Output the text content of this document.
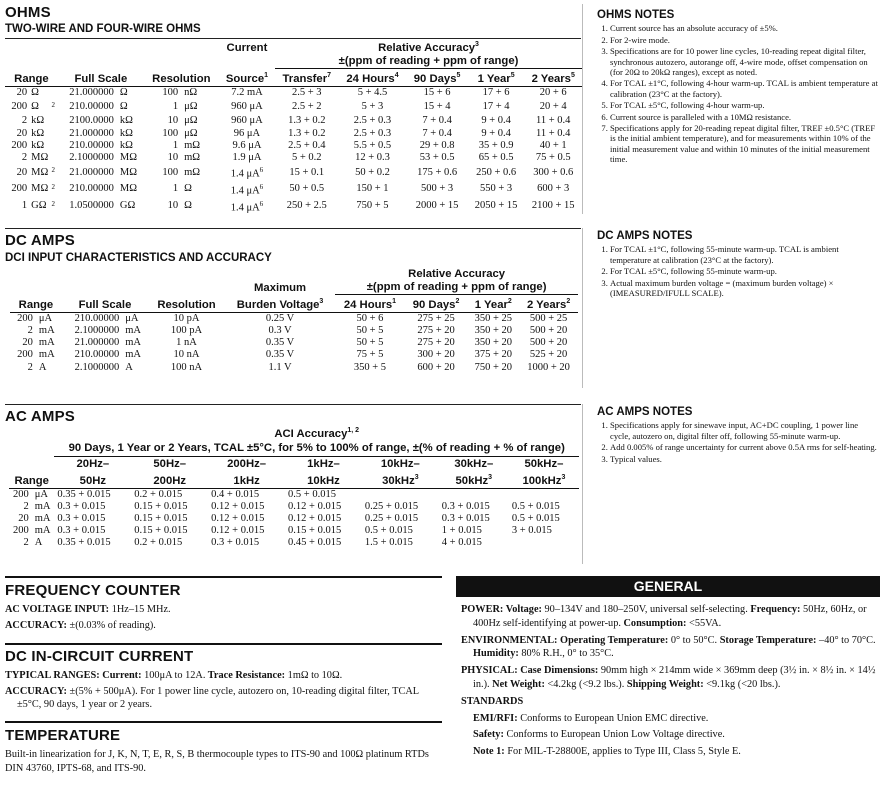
OHMS
TWO-WIRE AND FOUR-WIRE OHMS
							Current	Relative Accuracy$^3$
								±(ppm of reading + ppm of range)				
Range			Full Scale		Resolution		Source$^1$	Transfer$^7$	24 Hours$^4$	90 Days$^5$	1 Year$^5$	2 Years$^5$
20	Ω		21.000000	Ω	100	nΩ	7.2 mA	2.5 + 3	5 + 4.5	15 + 6	17 + 6	20 + 6
200	Ω	$^2$	210.00000	Ω	1	μΩ	960 μA	2.5 + 2	5 + 3	15 + 4	17 + 4	20 + 4
2	kΩ		2100.0000	kΩ	10	μΩ	960 μA	1.3 + 0.2	2.5 + 0.3	7 + 0.4	9 + 0.4	11 + 0.4
20	kΩ		21.000000	kΩ	100	μΩ	96 μA	1.3 + 0.2	2.5 + 0.3	7 + 0.4	9 + 0.4	11 + 0.4
200	kΩ		210.00000	kΩ	1	mΩ	9.6 μA	2.5 + 0.4	5.5 + 0.5	29 + 0.8	35 + 0.9	40 + 1
2	MΩ		2.1000000	MΩ	10	mΩ	1.9 μA	5 + 0.2	12 + 0.3	53 + 0.5	65 + 0.5	75 + 0.5
20	MΩ	$^2$	21.000000	MΩ	100	mΩ	1.4 $\mu A^6$	15 + 0.1	50 + 0.2	175 + 0.6	250 + 0.6	300 + 0.6
200	MΩ	$^2$	210.00000	MΩ	1	Ω	1.4 $\mu A^6$	50 + 0.5	150 + 1	500 + 3	550 + 3	600 + 3
1	GΩ	$^2$	1.0500000	GΩ	10	Ω	1.4 $\mu A^6$	250 + 2.5	750 + 5	2000 + 15	2050 + 15	2100 + 15
OHMS NOTES
1. Current source has an absolute accuracy of ±5%.
2. For 2-wire mode.
3. Specifications are for 10 power line cycles, 10-reading repeat digital filter, synchronous autozero, autorange off, 4-wire mode, offset compensation on (for 20Ω to 20kΩ ranges), except as noted.
4. For TCAL ±1°C, following 4-hour warm-up. TCAL is ambient temperature at calibration (23°C at the factory).
5. For TCAL ±5°C, following 4-hour warm-up.
6. Current source is paralleled with a 10MΩ resistance.
7. Specifications apply for 20-reading repeat digital filter, TREF ±0.5°C (TREF is the initial ambient temperature), and for measurements within 10% of the initial measurement value and within 10 minutes of the initial measurement time.
DC AMPS
DCI INPUT CHARACTERISTICS AND ACCURACY
						Relative Accuracy			
					Maximum	±(ppm of reading + ppm of range)			
Range		Full Scale		Resolution	Burden Voltage$^3$	24 Hours$^1$	90 Days$^2$	1 Year$^2$	2 Years$^2$
200	μA	210.00000	μA	10 pA	0.25 V	50 + 6	275 + 25	350 + 25	500 + 25
2	mA	2.1000000	mA	100 pA	0.3 V	50 + 5	275 + 20	350 + 20	500 + 20
20	mA	21.000000	mA	1 nA	0.35 V	50 + 5	275 + 20	350 + 20	500 + 20
200	mA	210.00000	mA	10 nA	0.35 V	75 + 5	300 + 20	375 + 20	525 + 20
2	A	2.1000000	A	100 nA	1.1 V	350 + 5	600 + 20	750 + 20	1000 + 20
DC AMPS NOTES
1. For TCAL ±1°C, following 55-minute warm-up. TCAL is ambient temperature at calibration (23°C at the factory).
2. For TCAL ±5°C, following 55-minute warm-up.
3. Actual maximum burden voltage = (maximum burden voltage) × (IMEASURED/IFULL SCALE).
AC AMPS
		ACI Accuracy$^{1, 2}$
		90 Days, 1 Year or 2 Years, TCAL ±5°C, for 5% to 100% of range, ±(% of reading + % of range)						
		20Hz–	50Hz–	200Hz–	1kHz–	10kHz–	30kHz–	50kHz–
Range		50Hz	200Hz	1kHz	10kHz	30kHz$^3$	50kHz$^3$	100kHz$^3$
200	μA	0.35 + 0.015	0.2 + 0.015	0.4 + 0.015	0.5 + 0.015			
2	mA	0.3 + 0.015	0.15 + 0.015	0.12 + 0.015	0.12 + 0.015	0.25 + 0.015	0.3 + 0.015	0.5 + 0.015
20	mA	0.3 + 0.015	0.15 + 0.015	0.12 + 0.015	0.12 + 0.015	0.25 + 0.015	0.3 + 0.015	0.5 + 0.015
200	mA	0.3 + 0.015	0.15 + 0.015	0.12 + 0.015	0.15 + 0.015	0.5 + 0.015	1 + 0.015	3 + 0.015
2	A	0.35 + 0.015	0.2 + 0.015	0.3 + 0.015	0.45 + 0.015	1.5 + 0.015	4 + 0.015	
AC AMPS NOTES
1. Specifications apply for sinewave input, AC+DC coupling, 1 power line cycle, autozero on, digital filter off, following 55-minute warm-up.
2. Add 0.005% of range uncertainty for current above 0.5A rms for self-heating.
3. Typical values.
FREQUENCY COUNTER

AC VOLTAGE INPUT: 1Hz–15 MHz.

ACCURACY: ±(0.03% of reading).

DC IN-CIRCUIT CURRENT

TYPICAL RANGES: Current: 100μA to 12A. Trace Resistance: 1mΩ to 10Ω.

ACCURACY: ±(5% + 500μA). For 1 power line cycle, autozero on, 10-reading digital filter, TCAL ±5°C, 90 days, 1 year or 2 years.

TEMPERATURE
Built-in linearization for J, K, N, T, E, R, S, B thermocouple types to ITS-90 and 100Ω platinum RTDs DIN 43760, IPTS-68, and ITS-90.
GENERAL

POWER: Voltage: 90–134V and 180–250V, universal self-selecting. Frequency: 50Hz, 60Hz, or 400Hz self-identifying at power-up. Consumption: <55VA.

ENVIRONMENTAL: Operating Temperature: 0° to 50°C. Storage Temperature: –40° to 70°C. Humidity: 80% R.H., 0° to 35°C.

PHYSICAL: Case Dimensions: 90mm high × 214mm wide × 369mm deep (3½ in. × 8½ in. × 14½ in.). Net Weight: <4.2kg (<9.2 lbs.). Shipping Weight: <9.1kg (<20 lbs.).

STANDARDS

EMI/RFI: Conforms to European Union EMC directive.

Safety: Conforms to European Union Low Voltage directive.

Note 1: For MIL-T-28800E, applies to Type III, Class 5, Style E.
